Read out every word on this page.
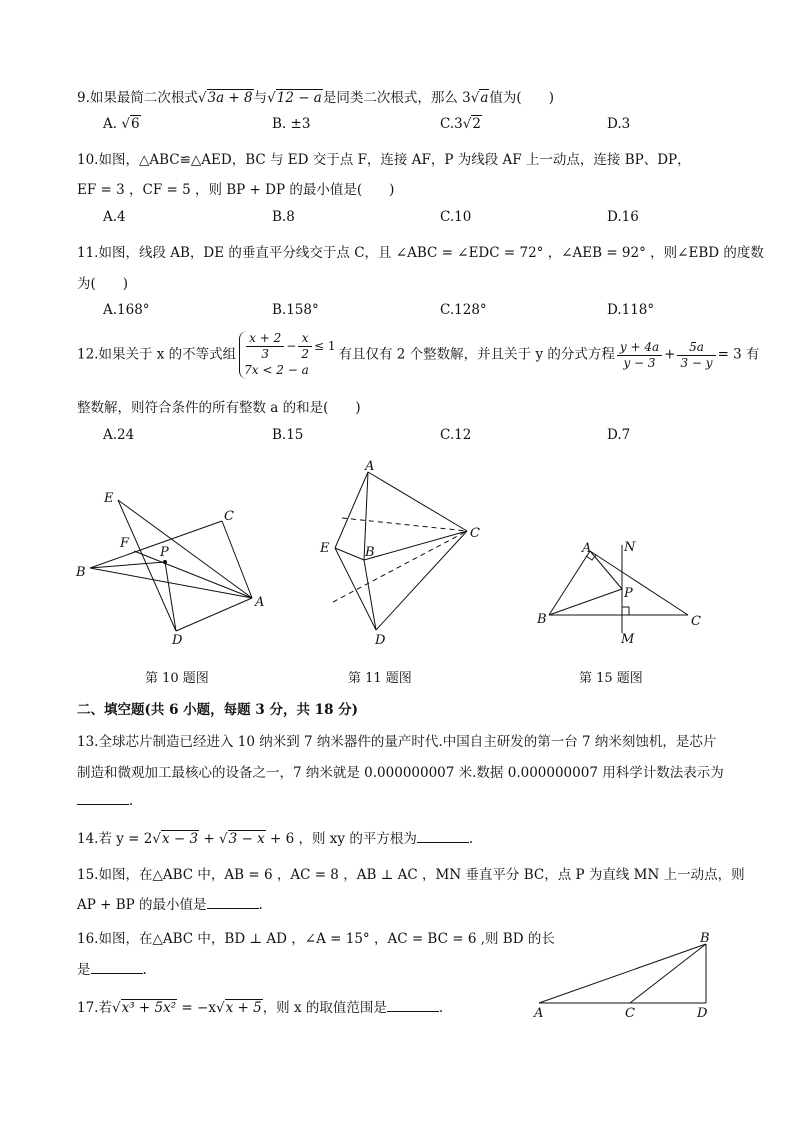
9.如果最简二次根式√3a + 8与√12 − a是同类二次根式，那么 3√a值为(　　)
A. √6	B. ±3	C.3√2	D.3
10.如图，△ABC≌△AED，BC 与 ED 交于点 F，连接 AF，P 为线段 AF 上一动点，连接 BP、DP，
EF = 3 ，CF = 5 ，则 BP + DP 的最小值是(　　)
A.4	B.8	C.10	D.16
11.如图，线段 AB，DE 的垂直平分线交于点 C，且 ∠ABC = ∠EDC = 72° ，∠AEB = 92° ，则∠EBD 的度数
为(　　)
A.168°	B.158°	C.128°	D.118°
12.如果关于 x 的不等式组 $\frac{x + 2}{3} - \frac{x}{2} \le 1$
7x < 2 − a
有且仅有 2 个整数解，并且关于 y 的分式方程 $\frac{y + 4a}{y - 3} + \frac{5a}{3 - y} = 3$ 有
整数解，则符合条件的所有整数 a 的和是(　　)
A.24	B.15	C.12	D.7
E
C
F
P
B
A
D
A
C
E	B
D
A	N
P
B	C
M
第 10 题图	第 11 题图	第 15 题图
二、填空题(共 6 小题，每题 3 分，共 18 分)
13.全球芯片制造已经进入 10 纳米到 7 纳米器件的量产时代.中国自主研发的第一台 7 纳米刻蚀机，是芯片
制造和微观加工最核心的设备之一，7 纳米就是 0.000000007 米.数据 0.000000007 用科学计数法表示为
.
14.若 y = 2√x − 3 + √3 − x + 6 ，则 xy 的平方根为	.
15.如图，在△ABC 中，AB = 6 ，AC = 8 ，AB ⊥ AC ，MN 垂直平分 BC，点 P 为直线 MN 上一动点，则
AP + BP 的最小值是	.
16.如图，在△ABC 中，BD ⊥ AD ，∠A = 15° ，AC = BC = 6 ,则 BD 的长
是	.
17.若√x³ + 5x² = −x√x + 5，则 x 的取值范围是	.
B
A	C	D
